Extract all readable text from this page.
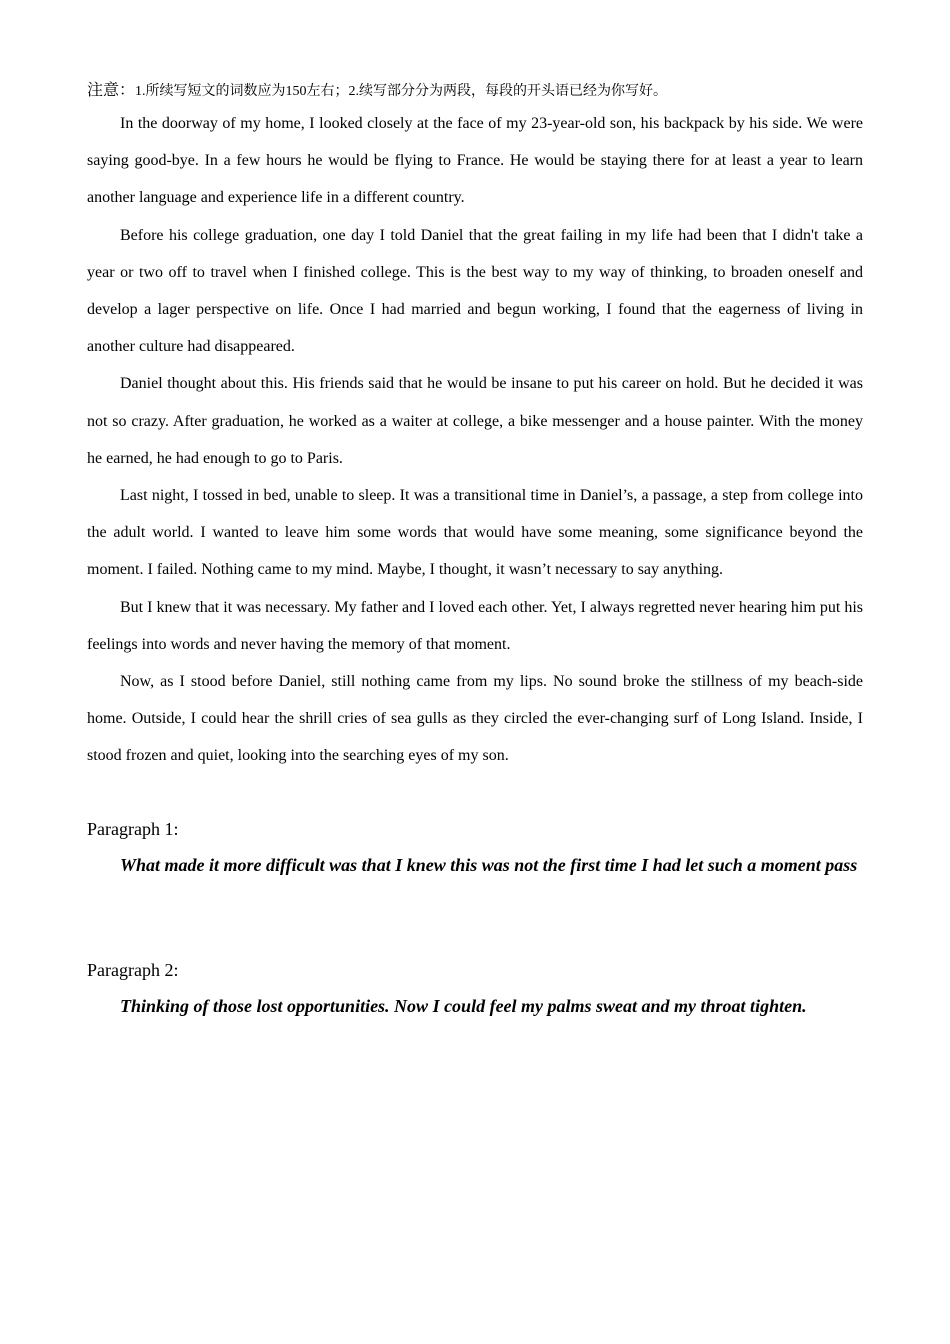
注意：1.所续写短文的词数应为150左右；2.续写部分分为两段，每段的开头语已经为你写好。

In the doorway of my home, I looked closely at the face of my 23-year-old son, his backpack by his side. We were saying good-bye. In a few hours he would be flying to France. He would be staying there for at least a year to learn another language and experience life in a different country.

Before his college graduation, one day I told Daniel that the great failing in my life had been that I didn't take a year or two off to travel when I finished college. This is the best way to my way of thinking, to broaden oneself and develop a lager perspective on life. Once I had married and begun working, I found that the eagerness of living in another culture had disappeared.

Daniel thought about this. His friends said that he would be insane to put his career on hold. But he decided it was not so crazy. After graduation, he worked as a waiter at college, a bike messenger and a house painter. With the money he earned, he had enough to go to Paris.

Last night, I tossed in bed, unable to sleep. It was a transitional time in Daniel’s, a passage, a step from college into the adult world. I wanted to leave him some words that would have some meaning, some significance beyond the moment. I failed. Nothing came to my mind. Maybe, I thought, it wasn’t necessary to say anything.

But I knew that it was necessary. My father and I loved each other. Yet, I always regretted never hearing him put his feelings into words and never having the memory of that moment.

Now, as I stood before Daniel, still nothing came from my lips. No sound broke the stillness of my beach-side home. Outside, I could hear the shrill cries of sea gulls as they circled the ever-changing surf of Long Island. Inside, I stood frozen and quiet, looking into the searching eyes of my son.

Paragraph 1:

What made it more difficult was that I knew this was not the first time I had let such a moment pass

Paragraph 2:

Thinking of those lost opportunities. Now I could feel my palms sweat and my throat tighten.
